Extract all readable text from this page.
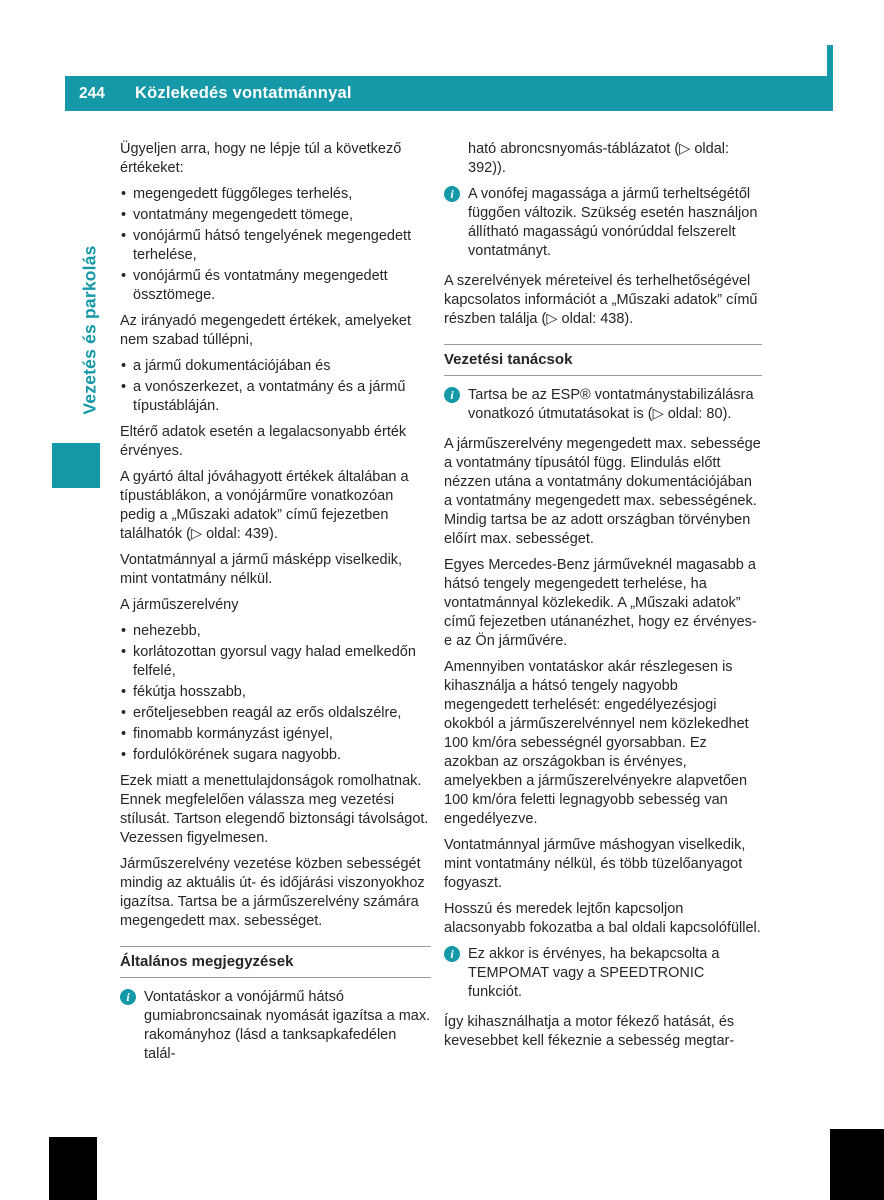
244	Közlekedés vontatmánnyal
Vezetés és parkolás

Ügyeljen arra, hogy ne lépje túl a következő értékeket:

• megengedett függőleges terhelés,
• vontatmány megengedett tömege,
• vonójármű hátsó tengelyének megengedett terhelése,
• vonójármű és vontatmány megengedett össztömege.

Az irányadó megengedett értékek, amelyeket nem szabad túllépni,

• a jármű dokumentációjában és
• a vonószerkezet, a vontatmány és a jármű típustábláján.

Eltérő adatok esetén a legalacsonyabb érték érvényes.

A gyártó által jóváhagyott értékek általában a típustáblákon, a vonójárműre vonatkozóan pedig a „Műszaki adatok” című fejezetben találhatók (▷ oldal: 439).

Vontatmánnyal a jármű másképp viselkedik, mint vontatmány nélkül.

A járműszerelvény

• nehezebb,
• korlátozottan gyorsul vagy halad emelkedőn felfelé,
• fékútja hosszabb,
• erőteljesebben reagál az erős oldalszélre,
• finomabb kormányzást igényel,
• fordulókörének sugara nagyobb.

Ezek miatt a menettulajdonságok romolhatnak. Ennek megfelelően válassza meg vezetési stílusát. Tartson elegendő biztonsági távolságot. Vezessen figyelmesen.

Járműszerelvény vezetése közben sebességét mindig az aktuális út- és időjárási viszonyokhoz igazítsa. Tartsa be a járműszerelvény számára megengedett max. sebességet.

Általános megjegyzések
i Vontatáskor a vonójármű hátsó gumiabroncsainak nyomását igazítsa a max. rakományhoz (lásd a tanksapkafedélen talál-

ható abroncsnyomás-táblázatot (▷ oldal: 392)).

i A vonófej magassága a jármű terheltségétől függően változik. Szükség esetén használjon állítható magasságú vonórúddal felszerelt vontatmányt.

A szerelvények méreteivel és terhelhetőségével kapcsolatos információt a „Műszaki adatok” című részben találja (▷ oldal: 438).

Vezetési tanácsok
i Tartsa be az ESP® vontatmánystabilizálásra vonatkozó útmutatásokat is (▷ oldal: 80).

A járműszerelvény megengedett max. sebessége a vontatmány típusától függ. Elindulás előtt nézzen utána a vontatmány dokumentációjában a vontatmány megengedett max. sebességének. Mindig tartsa be az adott országban törvényben előírt max. sebességet.

Egyes Mercedes-Benz járműveknél magasabb a hátsó tengely megengedett terhelése, ha vontatmánnyal közlekedik. A „Műszaki adatok” című fejezetben utánanézhet, hogy ez érvényes-e az Ön járművére.

Amennyiben vontatáskor akár részlegesen is kihasználja a hátsó tengely nagyobb megengedett terhelését: engedélyezésjogi okokból a járműszerelvénnyel nem közlekedhet 100 km/óra sebességnél gyorsabban. Ez azokban az országokban is érvényes, amelyekben a járműszerelvényekre alapvetően 100 km/óra feletti legnagyobb sebesség van engedélyezve.

Vontatmánnyal járműve máshogyan viselkedik, mint vontatmány nélkül, és több tüzelőanyagot fogyaszt.

Hosszú és meredek lejtőn kapcsoljon alacsonyabb fokozatba a bal oldali kapcsolófüllel.

i Ez akkor is érvényes, ha bekapcsolta a TEMPOMAT vagy a SPEEDTRONIC funkciót.

Így kihasználhatja a motor fékező hatását, és kevesebbet kell fékeznie a sebesség megtar-
